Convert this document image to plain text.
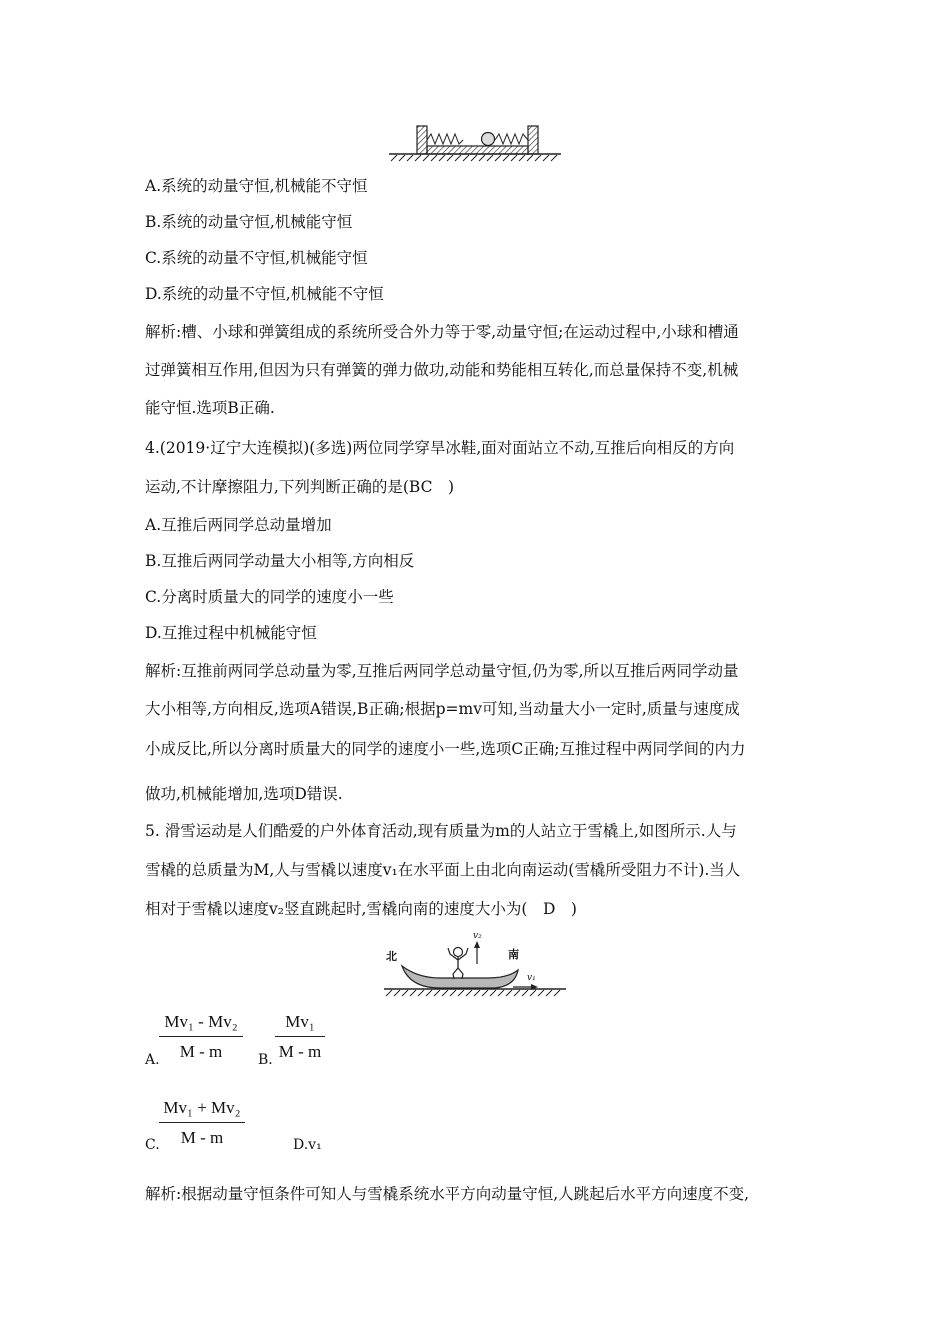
A.系统的动量守恒,机械能不守恒
B.系统的动量守恒,机械能守恒
C.系统的动量不守恒,机械能守恒
D.系统的动量不守恒,机械能不守恒
解析:槽、小球和弹簧组成的系统所受合外力等于零,动量守恒;在运动过程中,小球和槽通
过弹簧相互作用,但因为只有弹簧的弹力做功,动能和势能相互转化,而总量保持不变,机械
能守恒.选项B正确.
4.(2019·辽宁大连模拟)(多选)两位同学穿旱冰鞋,面对面站立不动,互推后向相反的方向
运动,不计摩擦阻力,下列判断正确的是(BC　)
A.互推后两同学总动量增加
B.互推后两同学动量大小相等,方向相反
C.分离时质量大的同学的速度小一些
D.互推过程中机械能守恒
解析:互推前两同学总动量为零,互推后两同学总动量守恒,仍为零,所以互推后两同学动量
大小相等,方向相反,选项A错误,B正确;根据p=mv可知,当动量大小一定时,质量与速度成
小成反比,所以分离时质量大的同学的速度小一些,选项C正确;互推过程中两同学间的内力
做功,机械能增加,选项D错误.
5. 滑雪运动是人们酷爱的户外体育活动,现有质量为m的人站立于雪橇上,如图所示.人与
雪橇的总质量为M,人与雪橇以速度v₁在水平面上由北向南运动(雪橇所受阻力不计).当人
相对于雪橇以速度v₂竖直跳起时,雪橇向南的速度大小为(　D　)
北	南
v₂
v₁
$\frac{\text{Mv₁ - Mv₂}}{M - m}$
A.	B. $\frac{\text{Mv₁}}{M - m}$
$\frac{\text{Mv₁ + Mv₂}}{M - m}$
C.	D.v₁
解析:根据动量守恒条件可知人与雪橇系统水平方向动量守恒,人跳起后水平方向速度不变,
